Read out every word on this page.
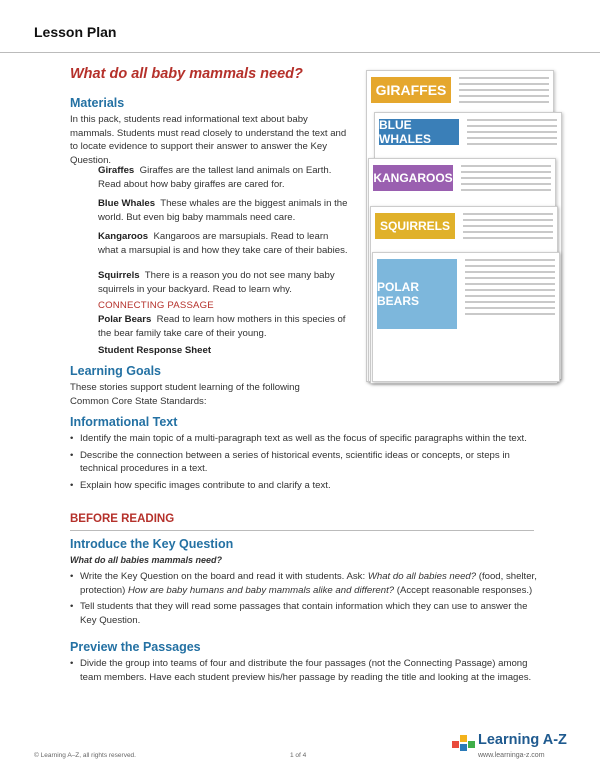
Lesson Plan
What do all baby mammals need?
Materials

In this pack, students read informational text about baby mammals. Students must read closely to understand the text and to locate evidence to support their answer to answer the Key Question.

Giraffes Giraffes are the tallest land animals on Earth. Read about how baby giraffes are cared for.

Blue Whales These whales are the biggest animals in the world. But even big baby mammals need care.

Kangaroos Kangaroos are marsupials. Read to learn what a marsupial is and how they take care of their babies.

Squirrels There is a reason you do not see many baby squirrels in your backyard. Read to learn why.

CONNECTING PASSAGE

Polar Bears Read to learn how mothers in this species of the bear family take care of their young.

Student Response Sheet

GIRAFFES
BLUE WHALES
KANGAROOS
SQUIRRELS
POLAR BEARS
Learning Goals

These stories support student learning of the following Common Core State Standards:

Informational Text
• Identify the main topic of a multi-paragraph text as well as the focus of specific paragraphs within the text.
• Describe the connection between a series of historical events, scientific ideas or concepts, or steps in technical procedures in a text.
• Explain how specific images contribute to and clarify a text.
BEFORE READING
Introduce the Key Question
What do all babies mammals need?
• Write the Key Question on the board and read it with students. Ask: What do all babies need? (food, shelter, protection) How are baby humans and baby mammals alike and different? (Accept reasonable responses.)
• Tell students that they will read some passages that contain information which they can use to answer the Key Question.
Preview the Passages
• Divide the group into teams of four and distribute the four passages (not the Connecting Passage) among team members. Have each student preview his/her passage by reading the title and looking at the images.
© Learning A–Z, all rights reserved.	1 of 4
Learning A-Z
www.learninga-z.com
